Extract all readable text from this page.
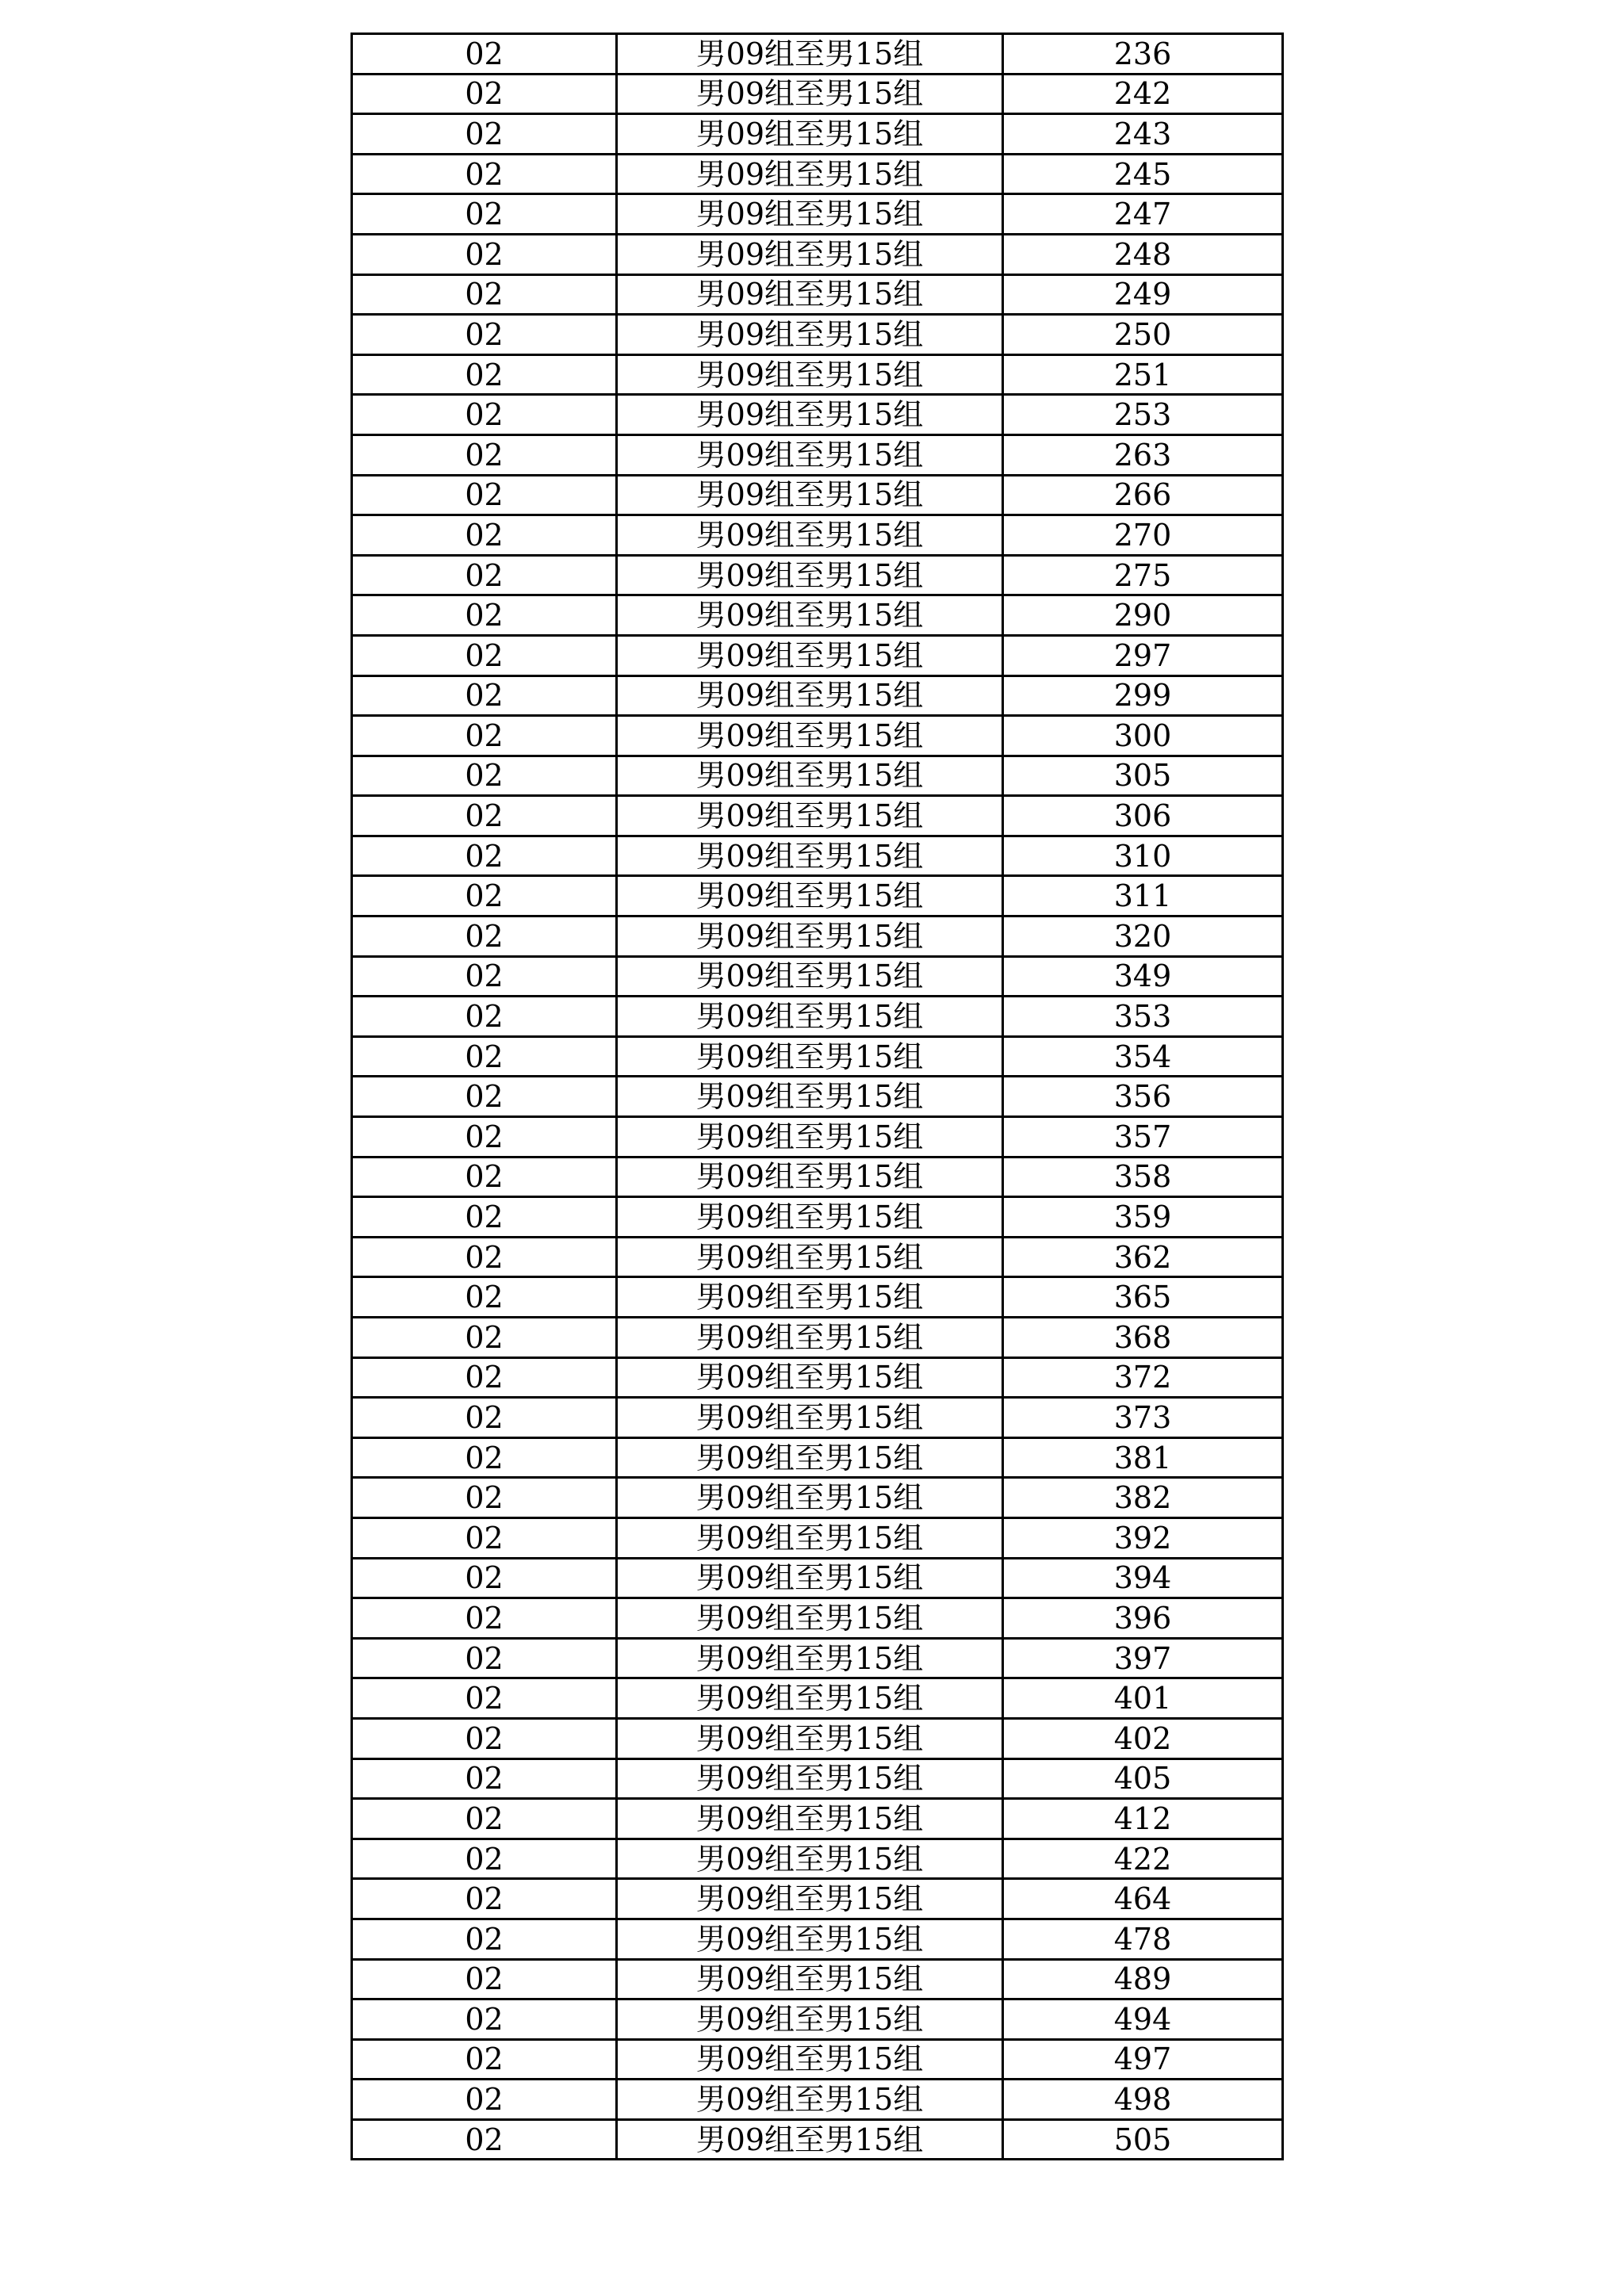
02	男09组至男15组	236
02	男09组至男15组	242
02	男09组至男15组	243
02	男09组至男15组	245
02	男09组至男15组	247
02	男09组至男15组	248
02	男09组至男15组	249
02	男09组至男15组	250
02	男09组至男15组	251
02	男09组至男15组	253
02	男09组至男15组	263
02	男09组至男15组	266
02	男09组至男15组	270
02	男09组至男15组	275
02	男09组至男15组	290
02	男09组至男15组	297
02	男09组至男15组	299
02	男09组至男15组	300
02	男09组至男15组	305
02	男09组至男15组	306
02	男09组至男15组	310
02	男09组至男15组	311
02	男09组至男15组	320
02	男09组至男15组	349
02	男09组至男15组	353
02	男09组至男15组	354
02	男09组至男15组	356
02	男09组至男15组	357
02	男09组至男15组	358
02	男09组至男15组	359
02	男09组至男15组	362
02	男09组至男15组	365
02	男09组至男15组	368
02	男09组至男15组	372
02	男09组至男15组	373
02	男09组至男15组	381
02	男09组至男15组	382
02	男09组至男15组	392
02	男09组至男15组	394
02	男09组至男15组	396
02	男09组至男15组	397
02	男09组至男15组	401
02	男09组至男15组	402
02	男09组至男15组	405
02	男09组至男15组	412
02	男09组至男15组	422
02	男09组至男15组	464
02	男09组至男15组	478
02	男09组至男15组	489
02	男09组至男15组	494
02	男09组至男15组	497
02	男09组至男15组	498
02	男09组至男15组	505
